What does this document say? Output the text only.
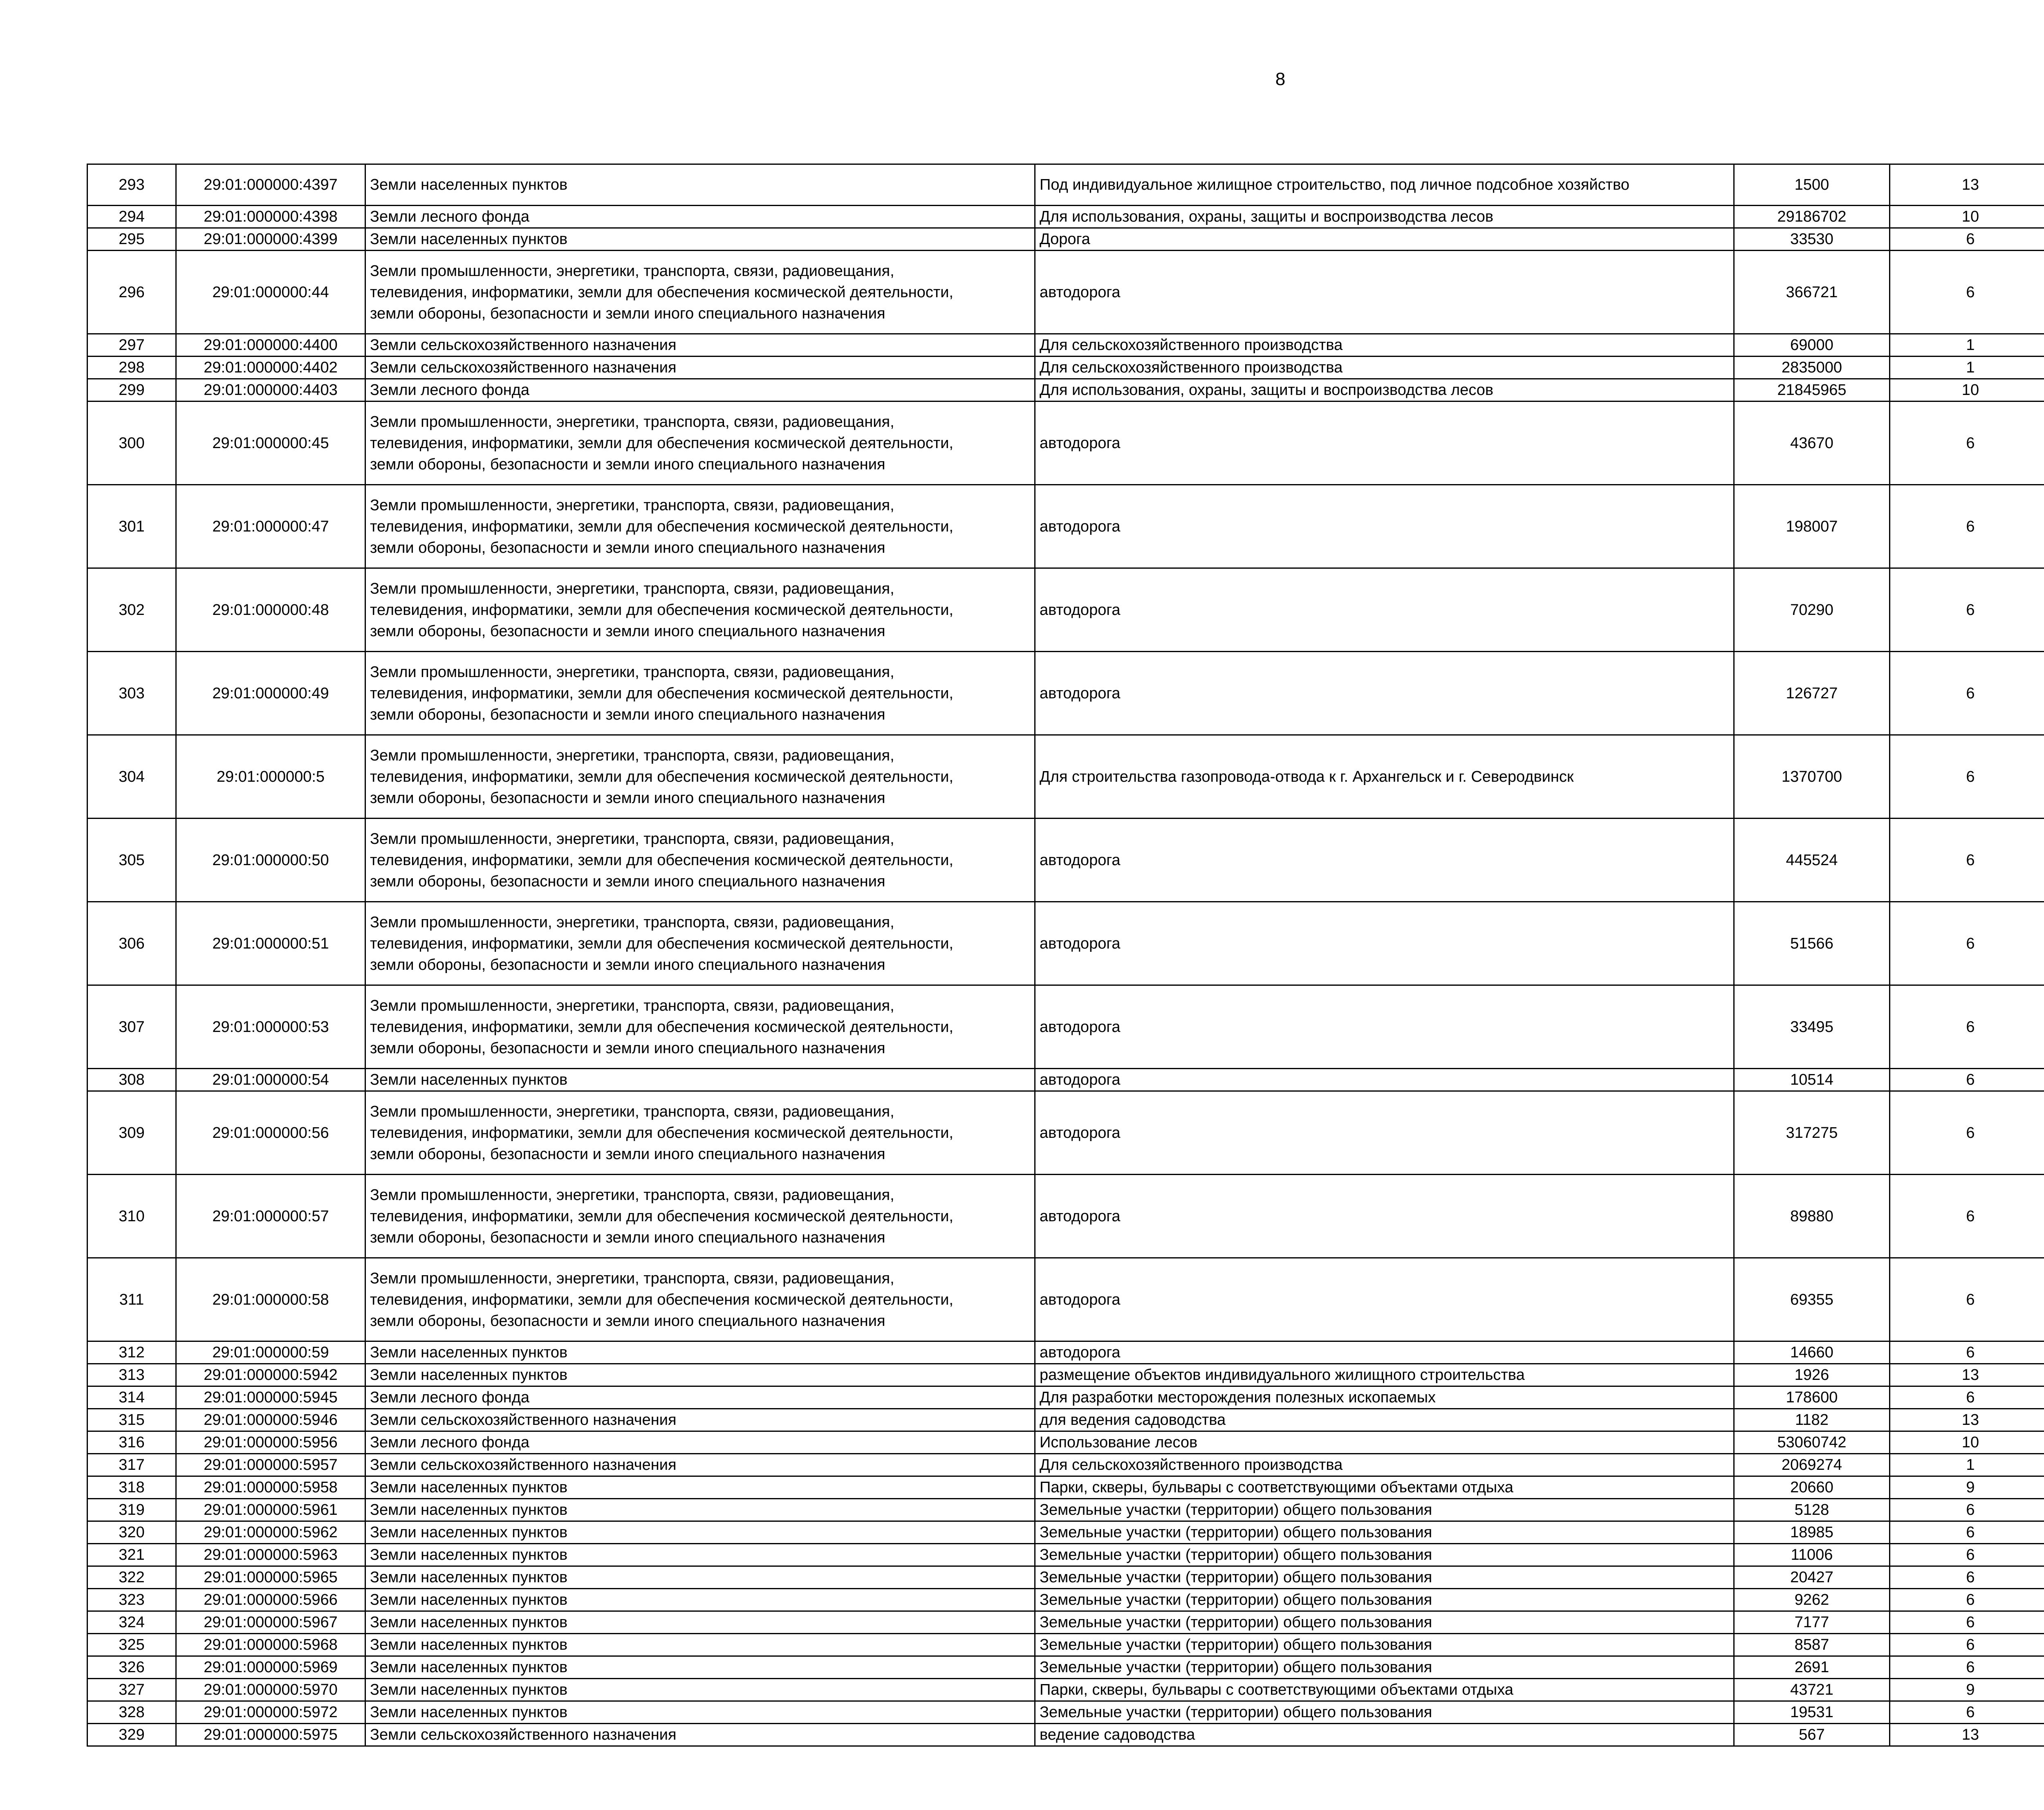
8
293	29:01:000000:4397	Земли населенных пунктов	Под индивидуальное жилищное строительство, под личное подсобное хозяйство	1500	13		
294	29:01:000000:4398	Земли лесного фонда	Для использования, охраны, защиты и воспроизводства лесов	29186702	10		
295	29:01:000000:4399	Земли населенных пунктов	Дорога	33530	6		
296	29:01:000000:44	Земли промышленности, энергетики, транспорта, связи, радиовещания,
телевидения, информатики, земли для обеспечения космической деятельности,
земли обороны, безопасности и земли иного специального назначения	автодорога	366721	6		
297	29:01:000000:4400	Земли сельскохозяйственного назначения	Для сельскохозяйственного производства	69000	1		
298	29:01:000000:4402	Земли сельскохозяйственного назначения	Для сельскохозяйственного производства	2835000	1		
299	29:01:000000:4403	Земли лесного фонда	Для использования, охраны, защиты и воспроизводства лесов	21845965	10		
300	29:01:000000:45	Земли промышленности, энергетики, транспорта, связи, радиовещания,
телевидения, информатики, земли для обеспечения космической деятельности,
земли обороны, безопасности и земли иного специального назначения	автодорога	43670	6		
301	29:01:000000:47	Земли промышленности, энергетики, транспорта, связи, радиовещания,
телевидения, информатики, земли для обеспечения космической деятельности,
земли обороны, безопасности и земли иного специального назначения	автодорога	198007	6		
302	29:01:000000:48	Земли промышленности, энергетики, транспорта, связи, радиовещания,
телевидения, информатики, земли для обеспечения космической деятельности,
земли обороны, безопасности и земли иного специального назначения	автодорога	70290	6		
303	29:01:000000:49	Земли промышленности, энергетики, транспорта, связи, радиовещания,
телевидения, информатики, земли для обеспечения космической деятельности,
земли обороны, безопасности и земли иного специального назначения	автодорога	126727	6		
304	29:01:000000:5	Земли промышленности, энергетики, транспорта, связи, радиовещания,
телевидения, информатики, земли для обеспечения космической деятельности,
земли обороны, безопасности и земли иного специального назначения	Для строительства газопровода-отвода к г. Архангельск и г. Северодвинск	1370700	6		
305	29:01:000000:50	Земли промышленности, энергетики, транспорта, связи, радиовещания,
телевидения, информатики, земли для обеспечения космической деятельности,
земли обороны, безопасности и земли иного специального назначения	автодорога	445524	6		
306	29:01:000000:51	Земли промышленности, энергетики, транспорта, связи, радиовещания,
телевидения, информатики, земли для обеспечения космической деятельности,
земли обороны, безопасности и земли иного специального назначения	автодорога	51566	6		
307	29:01:000000:53	Земли промышленности, энергетики, транспорта, связи, радиовещания,
телевидения, информатики, земли для обеспечения космической деятельности,
земли обороны, безопасности и земли иного специального назначения	автодорога	33495	6		
308	29:01:000000:54	Земли населенных пунктов	автодорога	10514	6		
309	29:01:000000:56	Земли промышленности, энергетики, транспорта, связи, радиовещания,
телевидения, информатики, земли для обеспечения космической деятельности,
земли обороны, безопасности и земли иного специального назначения	автодорога	317275	6		
310	29:01:000000:57	Земли промышленности, энергетики, транспорта, связи, радиовещания,
телевидения, информатики, земли для обеспечения космической деятельности,
земли обороны, безопасности и земли иного специального назначения	автодорога	89880	6		
311	29:01:000000:58	Земли промышленности, энергетики, транспорта, связи, радиовещания,
телевидения, информатики, земли для обеспечения космической деятельности,
земли обороны, безопасности и земли иного специального назначения	автодорога	69355	6		
312	29:01:000000:59	Земли населенных пунктов	автодорога	14660	6		
313	29:01:000000:5942	Земли населенных пунктов	размещение объектов индивидуального жилищного строительства	1926	13		
314	29:01:000000:5945	Земли лесного фонда	Для разработки месторождения полезных ископаемых	178600	6		
315	29:01:000000:5946	Земли сельскохозяйственного назначения	для ведения садоводства	1182	13		
316	29:01:000000:5956	Земли лесного фонда	Использование лесов	53060742	10		
317	29:01:000000:5957	Земли сельскохозяйственного назначения	Для сельскохозяйственного производства	2069274	1		
318	29:01:000000:5958	Земли населенных пунктов	Парки, скверы, бульвары с соответствующими объектами отдыха	20660	9		
319	29:01:000000:5961	Земли населенных пунктов	Земельные участки (территории) общего пользования	5128	6		
320	29:01:000000:5962	Земли населенных пунктов	Земельные участки (территории) общего пользования	18985	6		
321	29:01:000000:5963	Земли населенных пунктов	Земельные участки (территории) общего пользования	11006	6		
322	29:01:000000:5965	Земли населенных пунктов	Земельные участки (территории) общего пользования	20427	6		
323	29:01:000000:5966	Земли населенных пунктов	Земельные участки (территории) общего пользования	9262	6		
324	29:01:000000:5967	Земли населенных пунктов	Земельные участки (территории) общего пользования	7177	6		
325	29:01:000000:5968	Земли населенных пунктов	Земельные участки (территории) общего пользования	8587	6		
326	29:01:000000:5969	Земли населенных пунктов	Земельные участки (территории) общего пользования	2691	6		
327	29:01:000000:5970	Земли населенных пунктов	Парки, скверы, бульвары с соответствующими объектами отдыха	43721	9		
328	29:01:000000:5972	Земли населенных пунктов	Земельные участки (территории) общего пользования	19531	6		
329	29:01:000000:5975	Земли сельскохозяйственного назначения	ведение садоводства	567	13		
